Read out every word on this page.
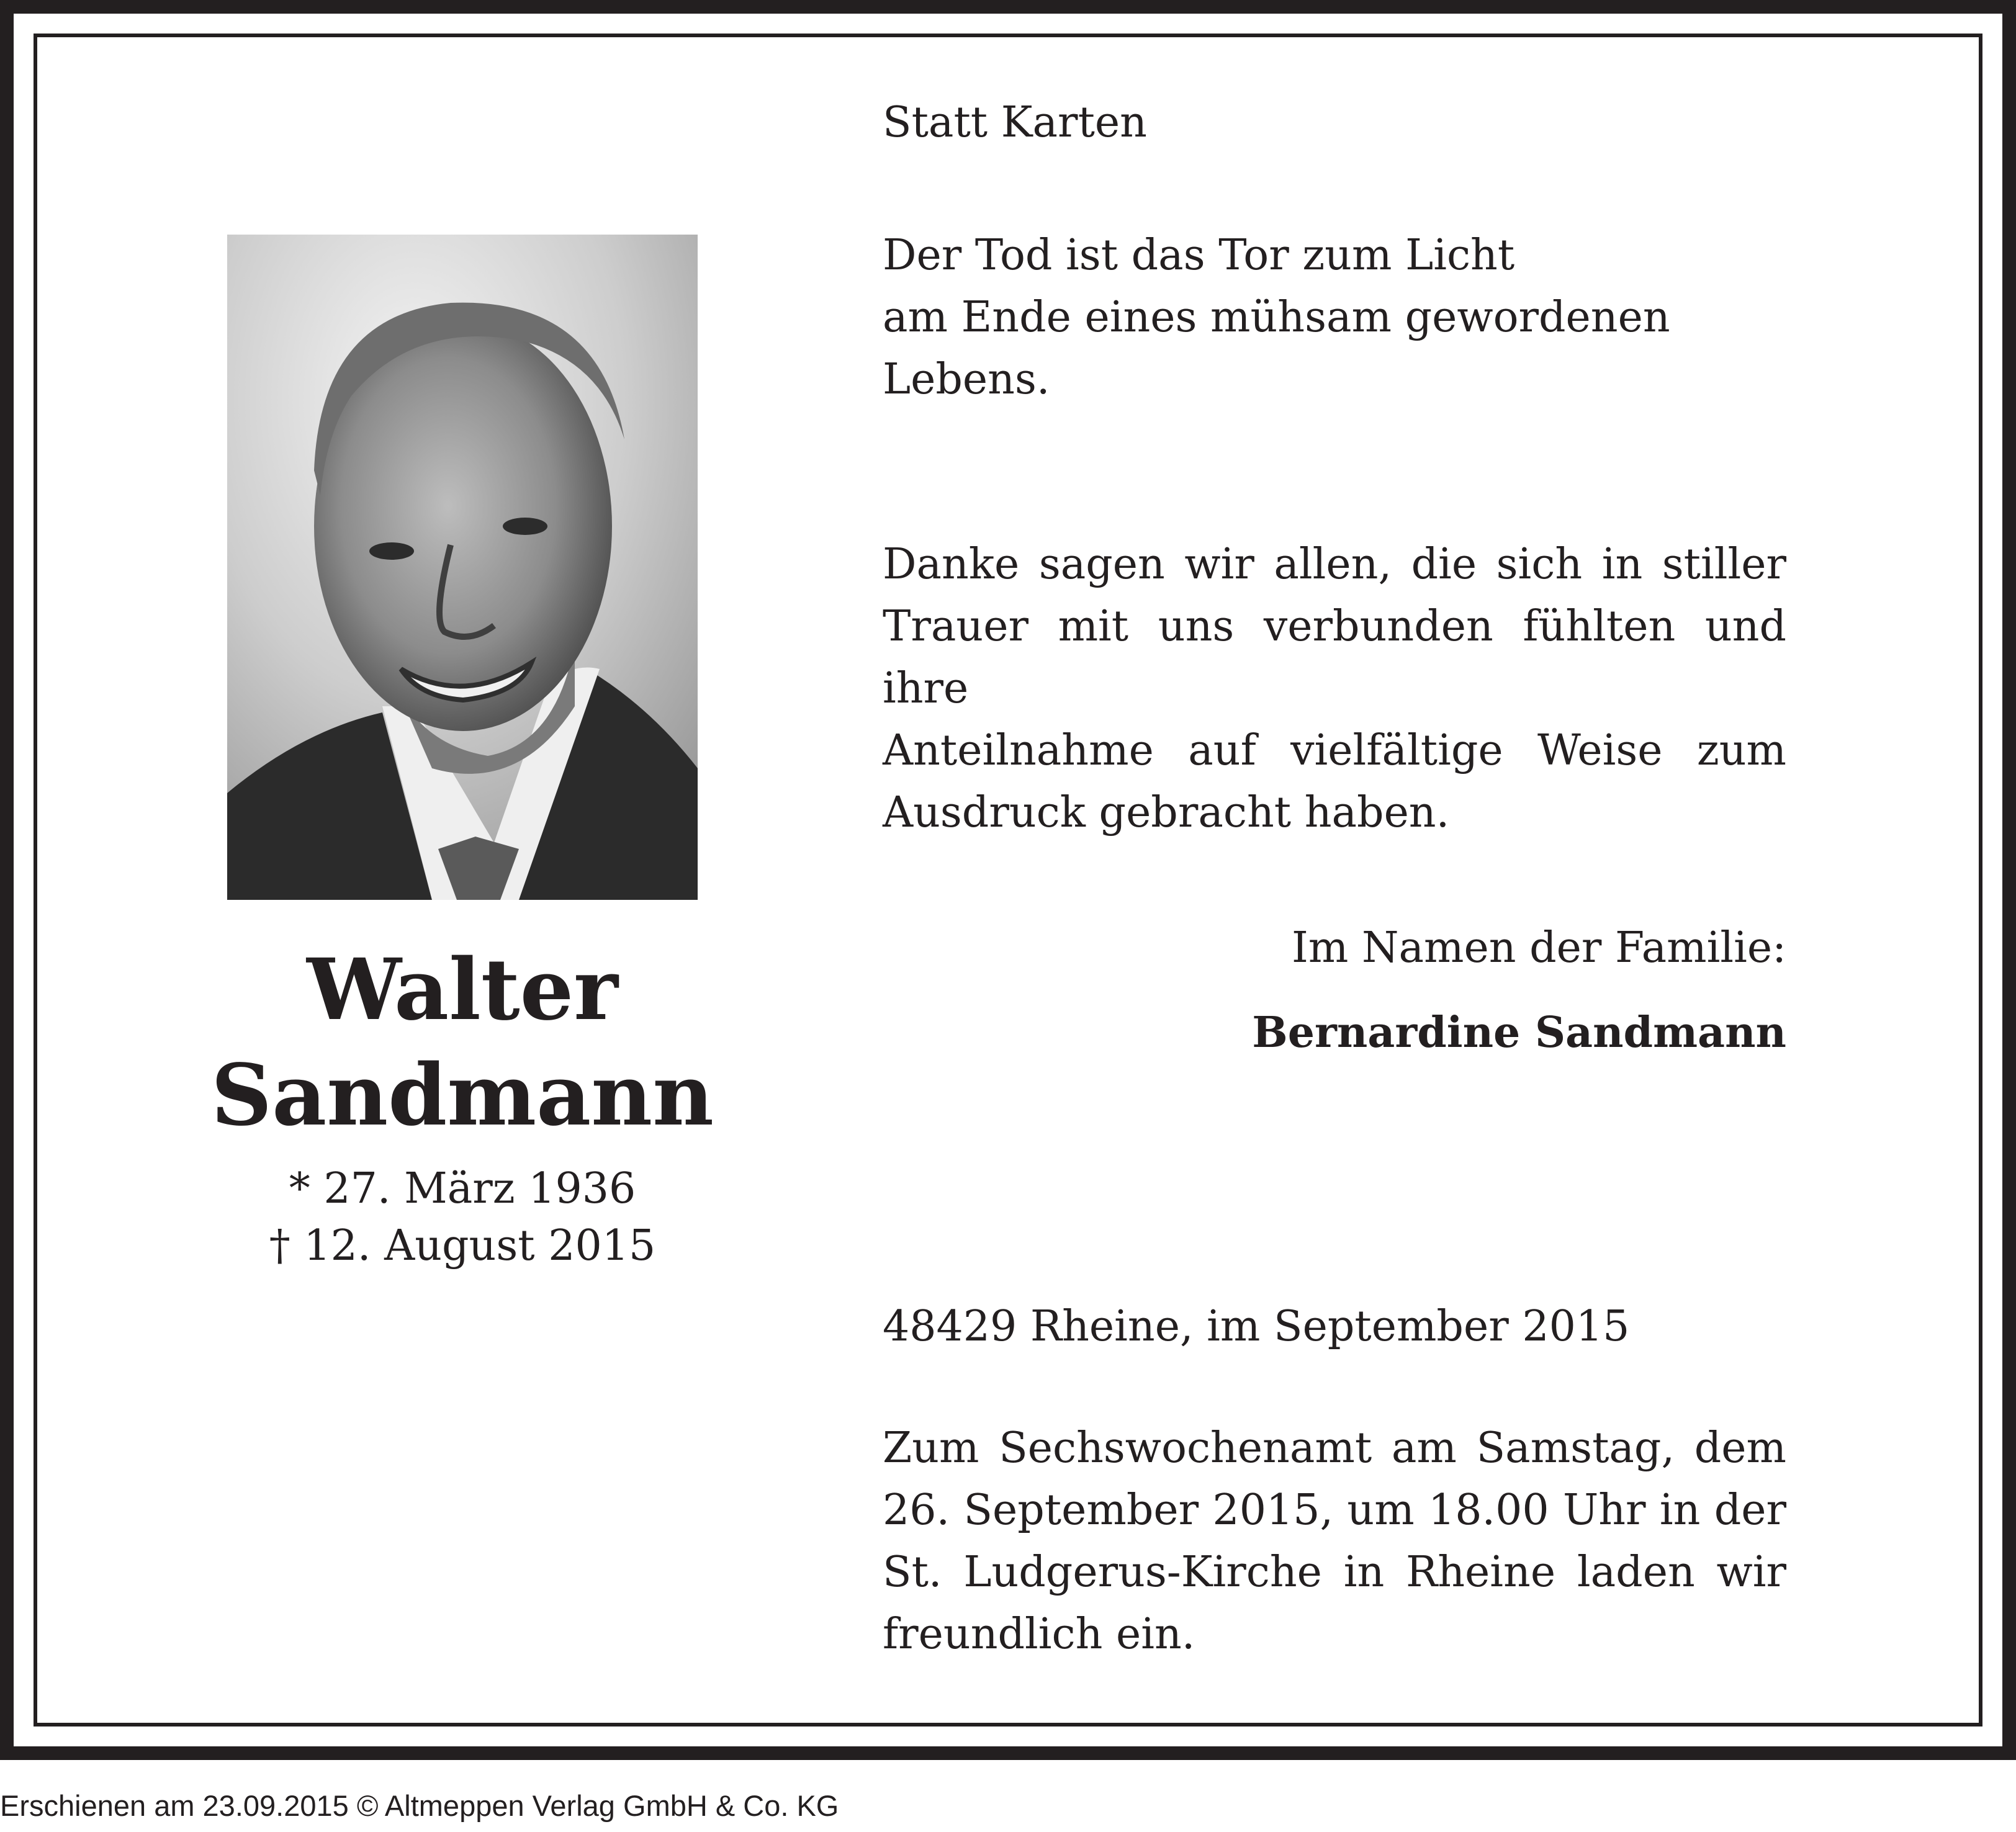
Walter
Sandmann
* 27. März 1936
† 12. August 2015
Statt Karten
Der Tod ist das Tor zum Licht
am Ende eines mühsam gewordenen Lebens.
Danke sagen wir allen, die sich in stiller
Trauer mit uns verbunden fühlten und ihre
Anteilnahme auf vielfältige Weise zum
Ausdruck gebracht haben.
Im Namen der Familie:
Bernardine Sandmann
48429 Rheine, im September 2015
Zum Sechswochenamt am Samstag, dem
26. September 2015, um 18.00 Uhr in der
St. Ludgerus-Kirche in Rheine laden wir
freundlich ein.
Erschienen am 23.09.2015 © Altmeppen Verlag GmbH & Co. KG
